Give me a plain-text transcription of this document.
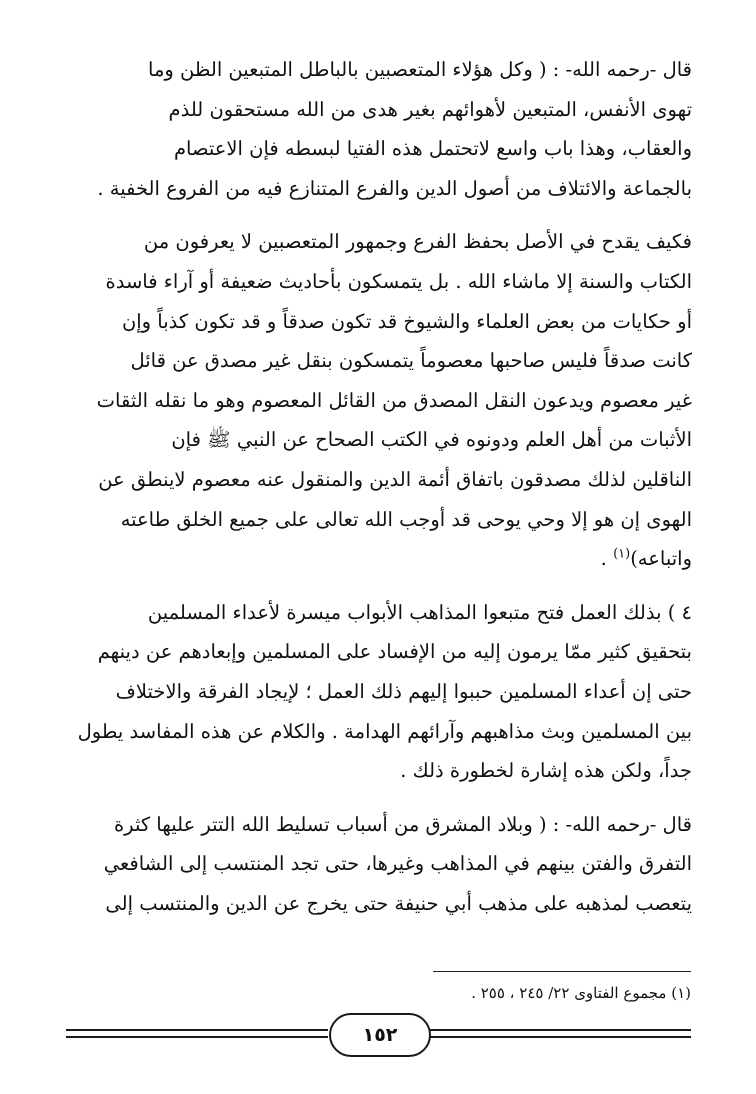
قال -رحمه الله- : ( وكل هؤلاء المتعصبين بالباطل المتبعين الظن وما
تهوى الأنفس، المتبعين لأهوائهم بغير هدى من الله مستحقون للذم
والعقاب، وهذا باب واسع لاتحتمل هذه الفتيا لبسطه فإن الاعتصام
بالجماعة والائتلاف من أصول الدين والفرع المتنازع فيه من الفروع الخفية .

فكيف يقدح في الأصل بحفظ الفرع وجمهور المتعصبين لا يعرفون من
الكتاب والسنة إلا ماشاء الله . بل يتمسكون بأحاديث ضعيفة أو آراء فاسدة
أو حكايات من بعض العلماء والشيوخ قد تكون صدقاً و قد تكون كذباً وإن
كانت صدقاً فليس صاحبها معصوماً يتمسكون بنقل غير مصدق عن قائل
غير معصوم ويدعون النقل المصدق من القائل المعصوم وهو ما نقله الثقات
الأثبات من أهل العلم ودونوه في الكتب الصحاح عن النبي ﷺ فإن
الناقلين لذلك مصدقون باتفاق أئمة الدين والمنقول عنه معصوم لاينطق عن
الهوى إن هو إلا وحي يوحى قد أوجب الله تعالى على جميع الخلق طاعته
واتباعه)$^{(١)}$ .

٤ ) بذلك العمل فتح متبعوا المذاهب الأبواب ميسرة لأعداء المسلمين
بتحقيق كثير ممّا يرمون إليه من الإفساد على المسلمين وإبعادهم عن دينهم
حتى إن أعداء المسلمين حببوا إليهم ذلك العمل ؛ لإيجاد الفرقة والاختلاف
بين المسلمين وبث مذاهبهم وآرائهم الهدامة . والكلام عن هذه المفاسد يطول
جداً، ولكن هذه إشارة لخطورة ذلك .

قال -رحمه الله- : ( وبلاد المشرق من أسباب تسليط الله التتر عليها كثرة
التفرق والفتن بينهم في المذاهب وغيرها، حتى تجد المنتسب إلى الشافعي
يتعصب لمذهبه على مذهب أبي حنيفة حتى يخرج عن الدين والمنتسب إلى

(١) مجموع الفتاوى ٢٢/ ٢٤٥ ، ٢٥٥ .
١٥٢
